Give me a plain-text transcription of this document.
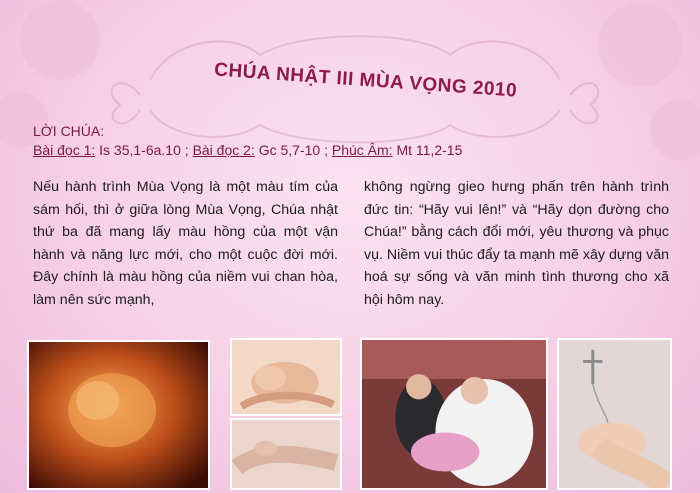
CHÚA NHẬT III MÙA VỌNG 2010
LỜI CHÚA:
Bài đọc 1: Is 35,1-6a.10 ; Bài đọc 2: Gc 5,7-10 ; Phúc Âm: Mt 11,2-15
Nếu hành trình Mùa Vọng là một màu tím của sám hối, thì ở giữa lòng Mùa Vọng, Chúa nhật thứ ba đã mang lấy màu hồng của một vận hành và năng lực mới, cho một cuộc đời mới. Đây chính là màu hồng của niềm vui chan hòa, làm nên sức mạnh,
không ngừng gieo hưng phấn trên hành trình đức tin: “Hãy vui lên!” và “Hãy dọn đường cho Chúa!” bằng cách đổi mới, yêu thương và phục vụ. Niềm vui thúc đẩy ta mạnh mẽ xây dựng văn hoá sự sống và văn minh tình thương cho xã hội hôm nay.
